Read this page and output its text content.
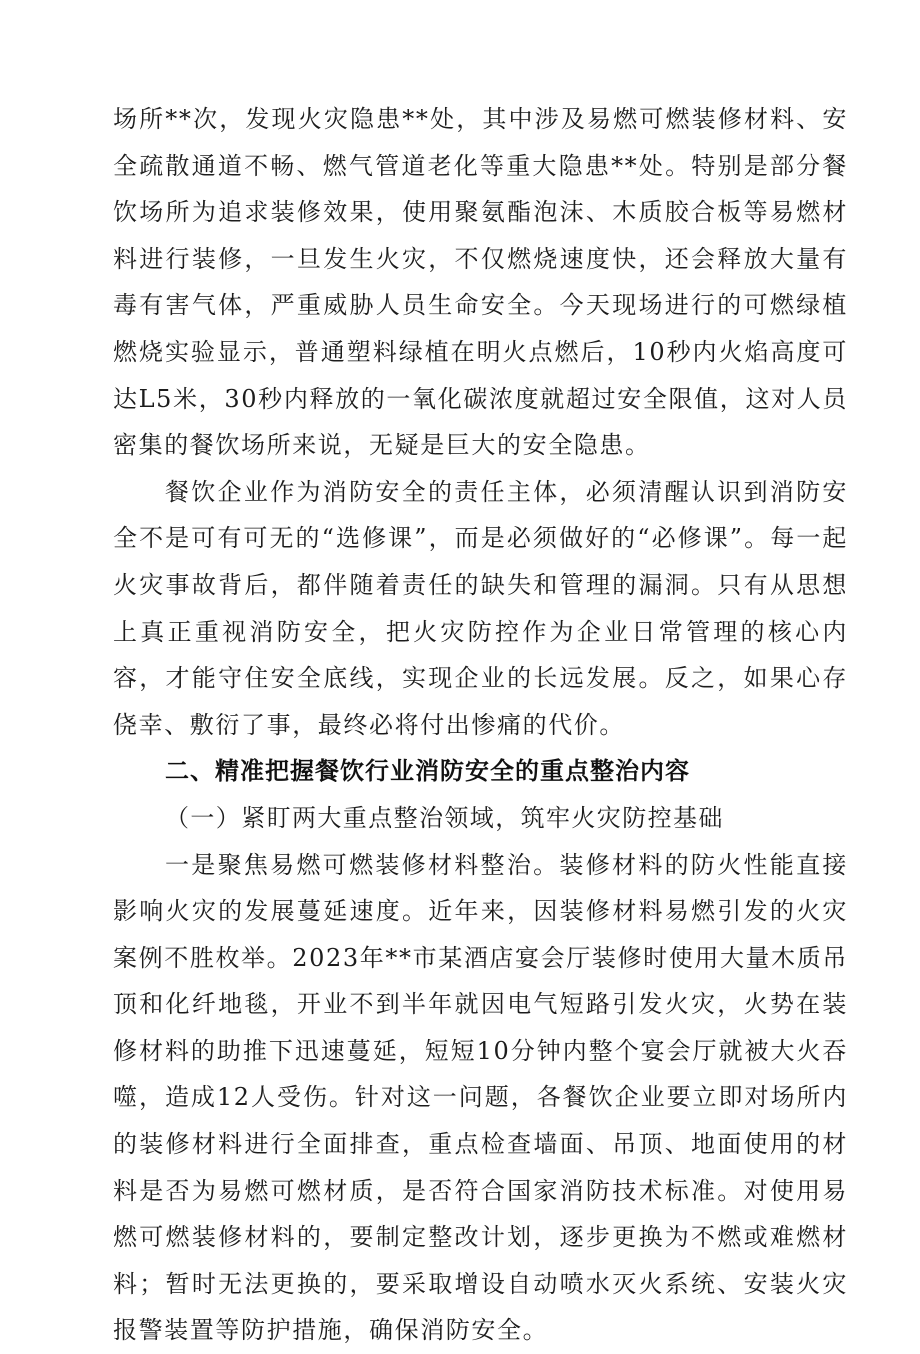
场所**次，发现火灾隐患**处，其中涉及易燃可燃装修材料、安全疏散通道不畅、燃气管道老化等重大隐患**处。特别是部分餐饮场所为追求装修效果，使用聚氨酯泡沫、木质胶合板等易燃材料进行装修，一旦发生火灾，不仅燃烧速度快，还会释放大量有毒有害气体，严重威胁人员生命安全。今天现场进行的可燃绿植燃烧实验显示，普通塑料绿植在明火点燃后，10秒内火焰高度可达L5米，30秒内释放的一氧化碳浓度就超过安全限值，这对人员密集的餐饮场所来说，无疑是巨大的安全隐患。

餐饮企业作为消防安全的责任主体，必须清醒认识到消防安全不是可有可无的“选修课”，而是必须做好的“必修课”。每一起火灾事故背后，都伴随着责任的缺失和管理的漏洞。只有从思想上真正重视消防安全，把火灾防控作为企业日常管理的核心内容，才能守住安全底线，实现企业的长远发展。反之，如果心存侥幸、敷衍了事，最终必将付出惨痛的代价。

二、精准把握餐饮行业消防安全的重点整治内容

（一）紧盯两大重点整治领域，筑牢火灾防控基础

一是聚焦易燃可燃装修材料整治。装修材料的防火性能直接影响火灾的发展蔓延速度。近年来，因装修材料易燃引发的火灾案例不胜枚举。2023年**市某酒店宴会厅装修时使用大量木质吊顶和化纤地毯，开业不到半年就因电气短路引发火灾，火势在装修材料的助推下迅速蔓延，短短10分钟内整个宴会厅就被大火吞噬，造成12人受伤。针对这一问题，各餐饮企业要立即对场所内的装修材料进行全面排查，重点检查墙面、吊顶、地面使用的材料是否为易燃可燃材质，是否符合国家消防技术标准。对使用易燃可燃装修材料的，要制定整改计划，逐步更换为不燃或难燃材料；暂时无法更换的，要采取增设自动喷水灭火系统、安装火灾报警装置等防护措施，确保消防安全。
